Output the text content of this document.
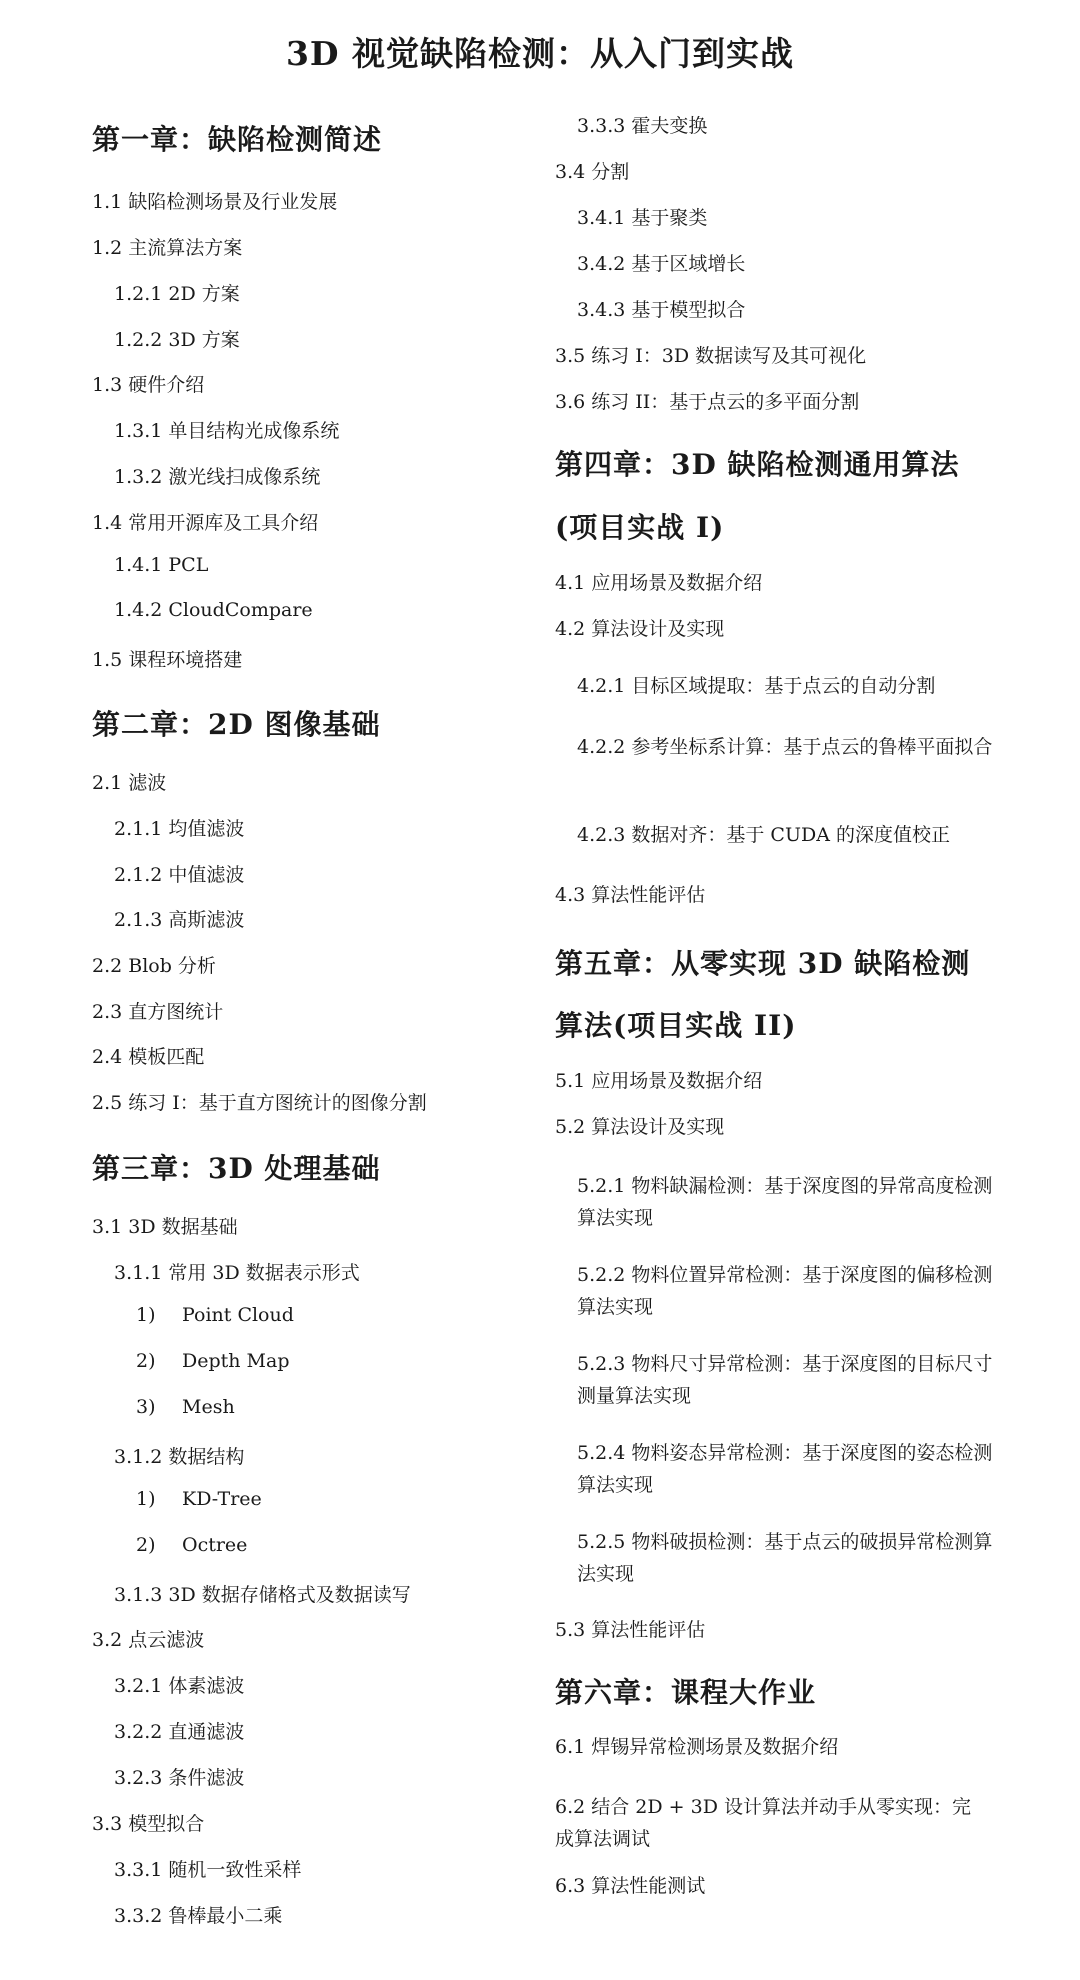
3D 视觉缺陷检测：从入门到实战
第一章：缺陷检测简述
1.1 缺陷检测场景及行业发展
1.2 主流算法方案
1.2.1 2D 方案
1.2.2 3D 方案
1.3 硬件介绍
1.3.1 单目结构光成像系统
1.3.2 激光线扫成像系统
1.4 常用开源库及工具介绍
1.4.1 PCL
1.4.2 CloudCompare
1.5 课程环境搭建
第二章：2D 图像基础
2.1 滤波
2.1.1 均值滤波
2.1.2 中值滤波
2.1.3 高斯滤波
2.2 Blob 分析
2.3 直方图统计
2.4 模板匹配
2.5 练习 I：基于直方图统计的图像分割
第三章：3D 处理基础
3.1 3D 数据基础
3.1.1 常用 3D 数据表示形式
1) Point Cloud
2) Depth Map
3) Mesh
3.1.2 数据结构
1) KD-Tree
2) Octree
3.1.3 3D 数据存储格式及数据读写
3.2 点云滤波
3.2.1 体素滤波
3.2.2 直通滤波
3.2.3 条件滤波
3.3 模型拟合
3.3.1 随机一致性采样
3.3.2 鲁棒最小二乘
3.3.3 霍夫变换
3.4 分割
3.4.1 基于聚类
3.4.2 基于区域增长
3.4.3 基于模型拟合
3.5 练习 I：3D 数据读写及其可视化
3.6 练习 II：基于点云的多平面分割
第四章：3D 缺陷检测通用算法
(项目实战 I)
4.1 应用场景及数据介绍
4.2 算法设计及实现
4.2.1 目标区域提取：基于点云的自动分割
4.2.2 参考坐标系计算：基于点云的鲁棒平面拟合
4.2.3 数据对齐：基于 CUDA 的深度值校正
4.3 算法性能评估
第五章：从零实现 3D 缺陷检测
算法(项目实战 II)
5.1 应用场景及数据介绍
5.2 算法设计及实现
5.2.1 物料缺漏检测：基于深度图的异常高度检测算法实现
5.2.2 物料位置异常检测：基于深度图的偏移检测算法实现
5.2.3 物料尺寸异常检测：基于深度图的目标尺寸测量算法实现
5.2.4 物料姿态异常检测：基于深度图的姿态检测算法实现
5.2.5 物料破损检测：基于点云的破损异常检测算法实现
5.3 算法性能评估
第六章：课程大作业
6.1 焊锡异常检测场景及数据介绍
6.2 结合 2D + 3D 设计算法并动手从零实现：完成算法调试
6.3 算法性能测试
